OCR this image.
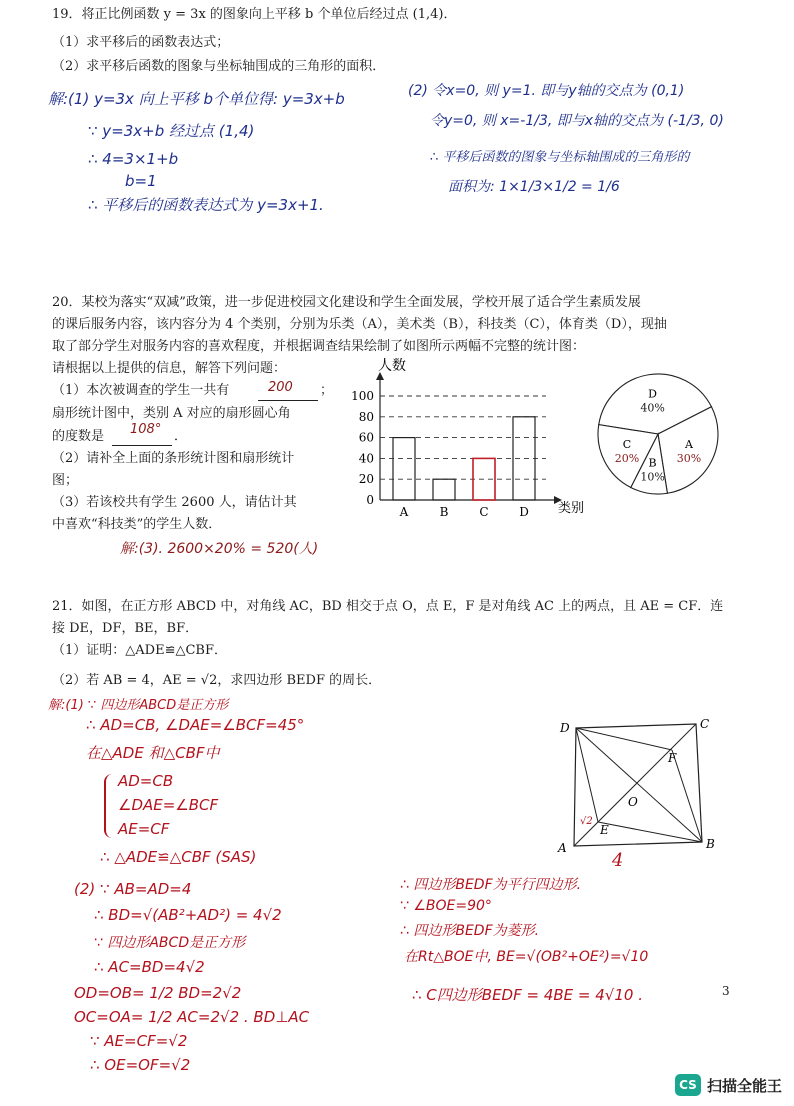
19．将正比例函数 y = 3x 的图象向上平移 b 个单位后经过点 (1,4)．
（1）求平移后的函数表达式；
（2）求平移后函数的图象与坐标轴围成的三角形的面积．
解:(1) y=3x 向上平移 b个单位得: y=3x+b
∵ y=3x+b 经过点 (1,4)
∴ 4=3×1+b
b=1
∴ 平移后的函数表达式为 y=3x+1.
(2) 令x=0, 则 y=1. 即与y轴的交点为 (0,1)
令y=0, 则 x=-1/3, 即与x轴的交点为 (-1/3, 0)
∴ 平移后函数的图象与坐标轴围成的三角形的
面积为: 1×1/3×1/2 = 1/6
20．某校为落实“双减”政策，进一步促进校园文化建设和学生全面发展，学校开展了适合学生素质发展
的课后服务内容，该内容分为 4 个类别，分别为乐类（A），美术类（B），科技类（C），体育类（D），现抽
取了部分学生对服务内容的喜欢程度，并根据调查结果绘制了如图所示两幅不完整的统计图：
请根据以上提供的信息，解答下列问题：
（1）本次被调查的学生一共有	200 ；
扇形统计图中，类别 A 对应的扇形圆心角
的度数是 108° ．
（2）请补全上面的条形统计图和扇形统计
图；
（3）若该校共有学生 2600 人，请估计其
中喜欢“科技类”的学生人数．
解:(3). 2600×20% = 520(人)
人数
类别
0
20
40
60
80
100
A	B	C	D
D
40%
A
30%
B
10%
C
20%
21．如图，在正方形 ABCD 中，对角线 AC，BD 相交于点 O，点 E，F 是对角线 AC 上的两点，且 AE = CF．连
接 DE，DF，BE，BF．
（1）证明：△ADE≌△CBF．
（2）若 AB = 4，AE = √2，求四边形 BEDF 的周长．
解:(1) ∵ 四边形ABCD是正方形
∴ AD=CB, ∠DAE=∠BCF=45°
在△ADE 和△CBF中
AD=CB
∠DAE=∠BCF
AE=CF
∴ △ADE≌△CBF (SAS)
(2) ∵ AB=AD=4
∴ BD=√(AB²+AD²) = 4√2
∵ 四边形ABCD是正方形
∴ AC=BD=4√2
OD=OB= 1/2 BD=2√2
OC=OA= 1/2 AC=2√2 . BD⊥AC
∵ AE=CF=√2
∴ OE=OF=√2
∴ 四边形BEDF为平行四边形.
∵ ∠BOE=90°
∴ 四边形BEDF为菱形.
在Rt△BOE中, BE=√(OB²+OE²)=√10
∴ C四边形BEDF = 4BE = 4√10 .
D	C
A	B
E
F
O
√2
4
3
CS 扫描全能王
